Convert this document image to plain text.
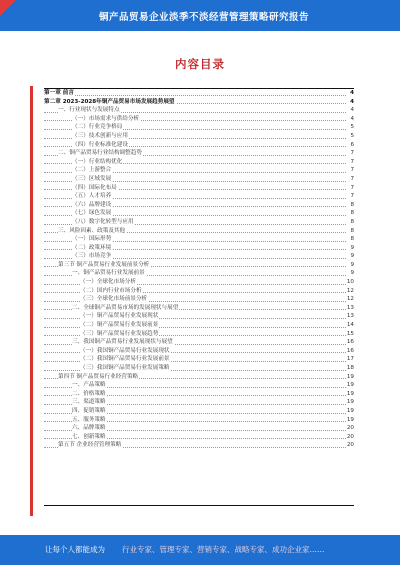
铜产品贸易企业淡季不淡经营管理策略研究报告
内容目录
第一章 前言	4
第二章 2023-2028年铜产品贸易市场发展趋势展望	4
一、行业现状与发展特点	4
（一）市场需求与供给分析	4
（二）行业竞争格局	5
（三）技术创新与应用	5
（四）行业标准化建设	6
二、铜产品贸易行业结构调整趋势	7
（一）行业结构优化	7
（二）上游整合	7
（三）区域发展	7
（四）国际化布局	7
（五）人才培养	7
（六）品牌建设	8
（七）绿色发展	8
（八）数字化转型与应用	8
三、风险因素、政策及其他	8
（一）国际形势	8
（二）政策环境	9
（三）市场竞争	9
第三节 铜产品贸易行业发展前景分析	9
一、铜产品贸易行业发展前景	9
（一）全球化市场分析	10
（二）国内行业市场分析	12
（三）全球化市场前景分析	12
二、全球铜产品贸易市场的发展现状与展望	13
（一）铜产品贸易行业发展现状	13
（二）铜产品贸易行业发展前景	14
（三）铜产品贸易行业发展趋势	15
三、我国铜产品贸易行业发展现状与展望	16
（一）我国铜产品贸易行业发展现状	16
（二）我国铜产品贸易行业发展前景	17
（三）我国铜产品贸易行业发展策略	18
第四节 铜产品贸易行业经营策略	19
一、产品策略	19
二、价格策略	19
三、渠道策略	19
四、促销策略	19
五、服务策略	19
六、品牌策略	20
七、创新策略	20
第五节 企业经营管理策略	20
让每个人都能成为 行业专家、管理专家、营销专家、战略专家、成功企业家……
